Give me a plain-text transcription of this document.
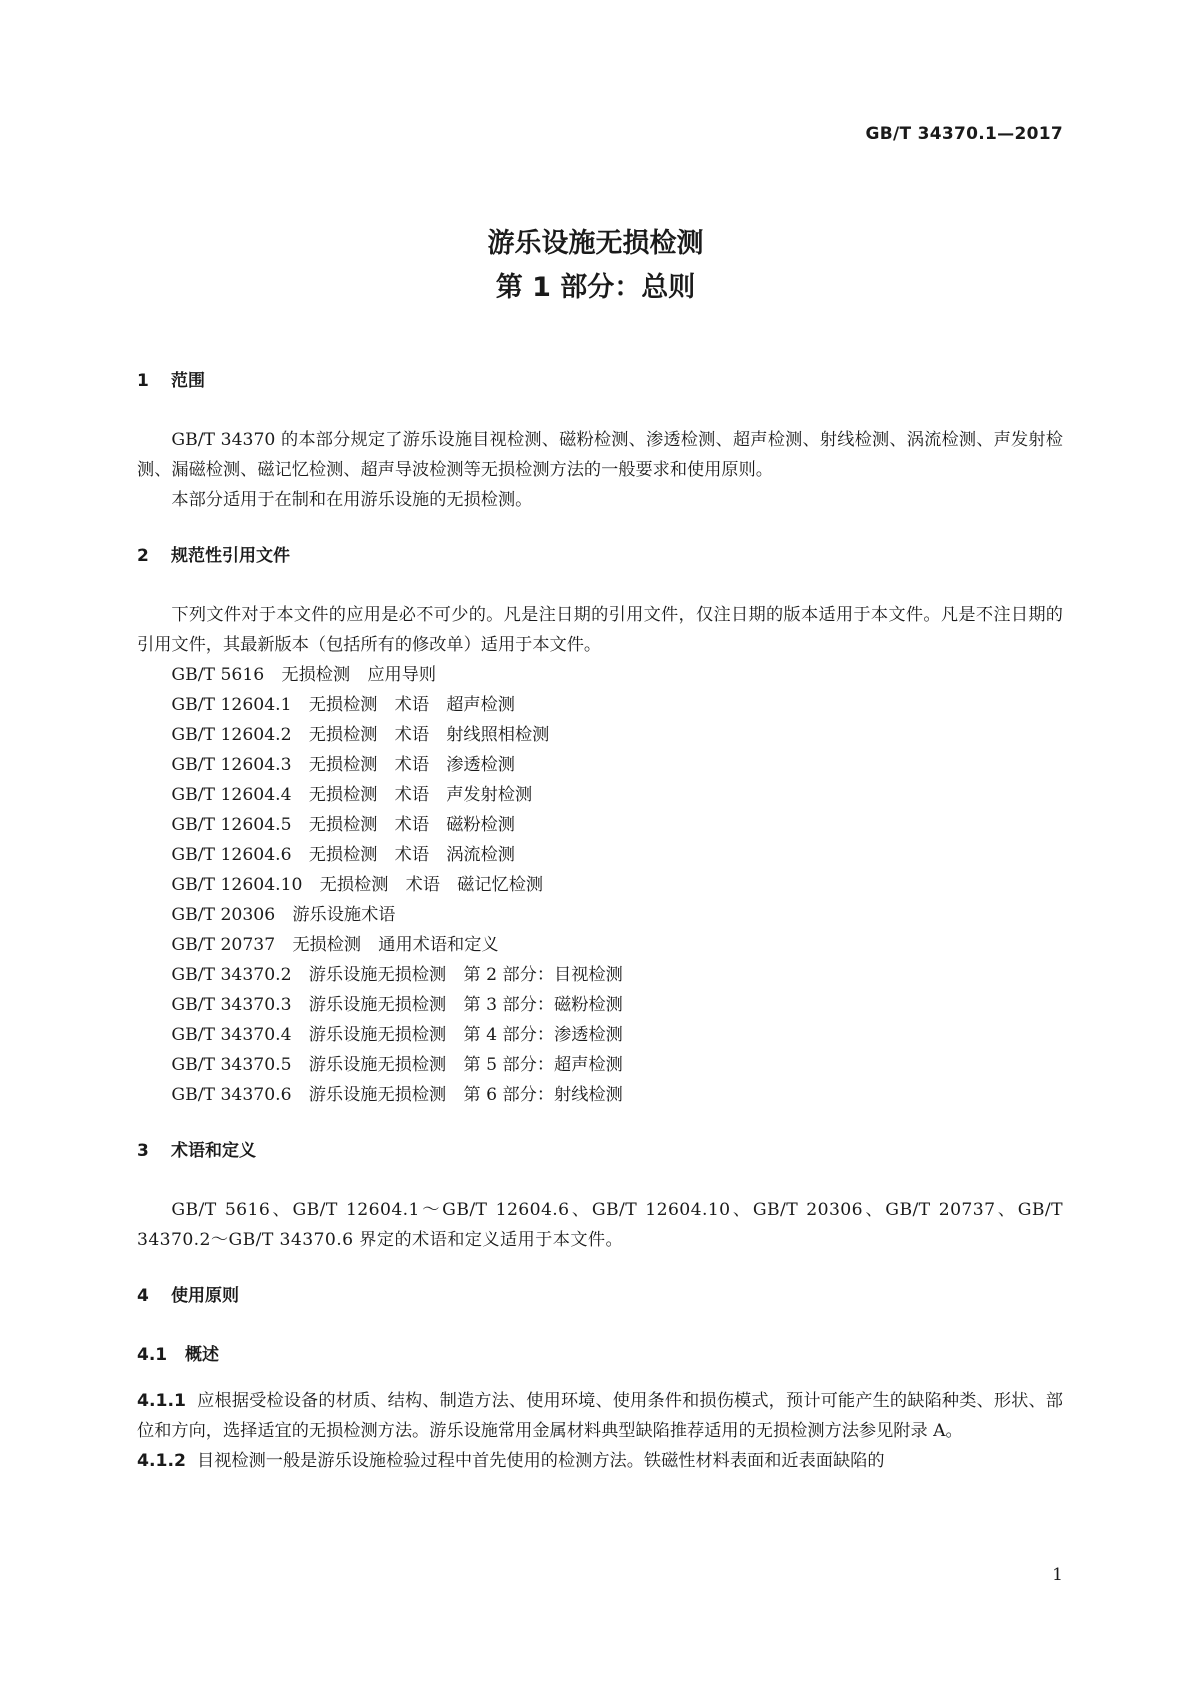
GB/T 34370.1—2017

游乐设施无损检测
第 1 部分：总则

1 范围

GB/T 34370 的本部分规定了游乐设施目视检测、磁粉检测、渗透检测、超声检测、射线检测、涡流检测、声发射检测、漏磁检测、磁记忆检测、超声导波检测等无损检测方法的一般要求和使用原则。

本部分适用于在制和在用游乐设施的无损检测。

2 规范性引用文件

下列文件对于本文件的应用是必不可少的。凡是注日期的引用文件，仅注日期的版本适用于本文件。凡是不注日期的引用文件，其最新版本（包括所有的修改单）适用于本文件。

GB/T 5616　无损检测　应用导则

GB/T 12604.1　无损检测　术语　超声检测

GB/T 12604.2　无损检测　术语　射线照相检测

GB/T 12604.3　无损检测　术语　渗透检测

GB/T 12604.4　无损检测　术语　声发射检测

GB/T 12604.5　无损检测　术语　磁粉检测

GB/T 12604.6　无损检测　术语　涡流检测

GB/T 12604.10　无损检测　术语　磁记忆检测

GB/T 20306　游乐设施术语

GB/T 20737　无损检测　通用术语和定义

GB/T 34370.2　游乐设施无损检测　第 2 部分：目视检测

GB/T 34370.3　游乐设施无损检测　第 3 部分：磁粉检测

GB/T 34370.4　游乐设施无损检测　第 4 部分：渗透检测

GB/T 34370.5　游乐设施无损检测　第 5 部分：超声检测

GB/T 34370.6　游乐设施无损检测　第 6 部分：射线检测

3 术语和定义

GB/T 5616、GB/T 12604.1～GB/T 12604.6、GB/T 12604.10、GB/T 20306、GB/T 20737、GB/T 34370.2～GB/T 34370.6 界定的术语和定义适用于本文件。

4 使用原则

4.1 概述

4.1.1 应根据受检设备的材质、结构、制造方法、使用环境、使用条件和损伤模式，预计可能产生的缺陷种类、形状、部位和方向，选择适宜的无损检测方法。游乐设施常用金属材料典型缺陷推荐适用的无损检测方法参见附录 A。

4.1.2 目视检测一般是游乐设施检验过程中首先使用的检测方法。铁磁性材料表面和近表面缺陷的

1
